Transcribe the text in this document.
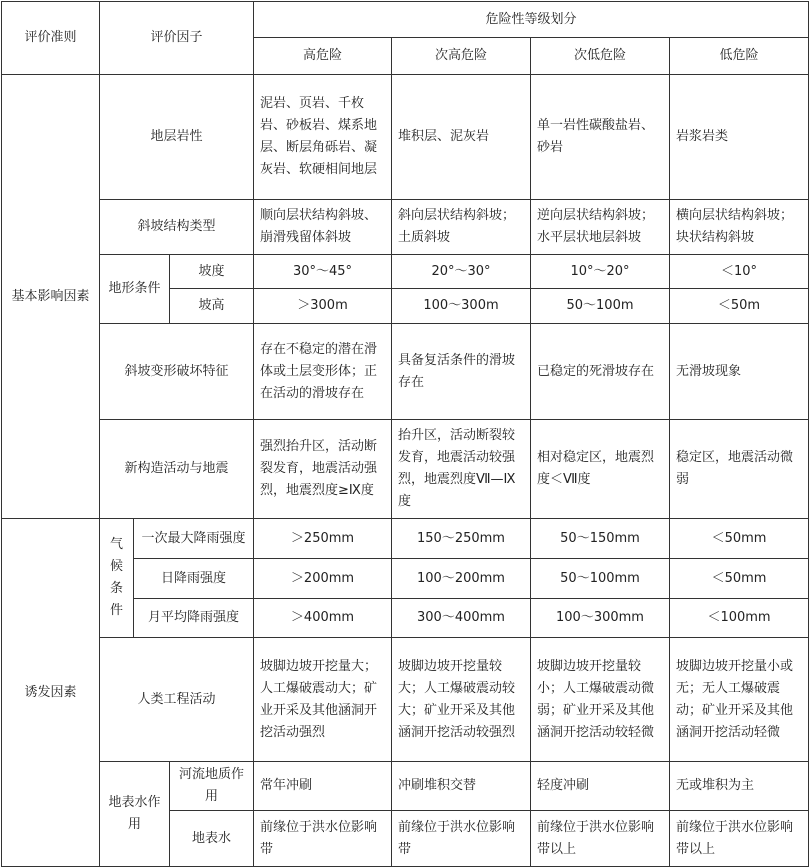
评价准则	评价因子			危险性等级划分			
				高危险	次高危险	次低危险	低危险
基本影响因素	地层岩性			泥岩、页岩、千枚岩、砂板岩、煤系地层、断层角砾岩、凝灰岩、软硬相间地层	堆积层、泥灰岩	单一岩性碳酸盐岩、砂岩	岩浆岩类
	斜坡结构类型			顺向层状结构斜坡、崩滑残留体斜坡	斜向层状结构斜坡；土质斜坡	逆向层状结构斜坡；水平层状地层斜坡	横向层状结构斜坡；块状结构斜坡
	地形条件		坡度	30°～45°	20°～30°	10°～20°	＜10°
			坡高	＞300m	100～300m	50～100m	＜50m
	斜坡变形破坏特征			存在不稳定的潜在滑体或土层变形体；正在活动的滑坡存在	具备复活条件的滑坡存在	已稳定的死滑坡存在	无滑坡现象
	新构造活动与地震			强烈抬升区，活动断裂发育，地震活动强烈，地震烈度≥Ⅸ度	抬升区，活动断裂较发育，地震活动较强烈，地震烈度Ⅶ—Ⅸ度	相对稳定区，地震烈度＜Ⅶ度	稳定区，地震活动微弱

诱发因素	气候条件	一次最大降雨强度		＞250mm	150～250mm	50～150mm	＜50mm
		日降雨强度		＞200mm	100～200mm	50～100mm	＜50mm
		月平均降雨强度		＞400mm	300～400mm	100～300mm	＜100mm
	人类工程活动			坡脚边坡开挖量大；人工爆破震动大；矿业开采及其他涵洞开挖活动强烈	坡脚边坡开挖量较大；人工爆破震动较大；矿业开采及其他涵洞开挖活动较强烈	坡脚边坡开挖量较小；人工爆破震动微弱；矿业开采及其他涵洞开挖活动较轻微	坡脚边坡开挖量小或无；无人工爆破震动；矿业开采及其他涵洞开挖活动轻微
	地表水作用		河流地质作用	常年冲刷	冲刷堆积交替	轻度冲刷	无或堆积为主
			地表水	前缘位于洪水位影响带	前缘位于洪水位影响带	前缘位于洪水位影响带以上	前缘位于洪水位影响带以上
